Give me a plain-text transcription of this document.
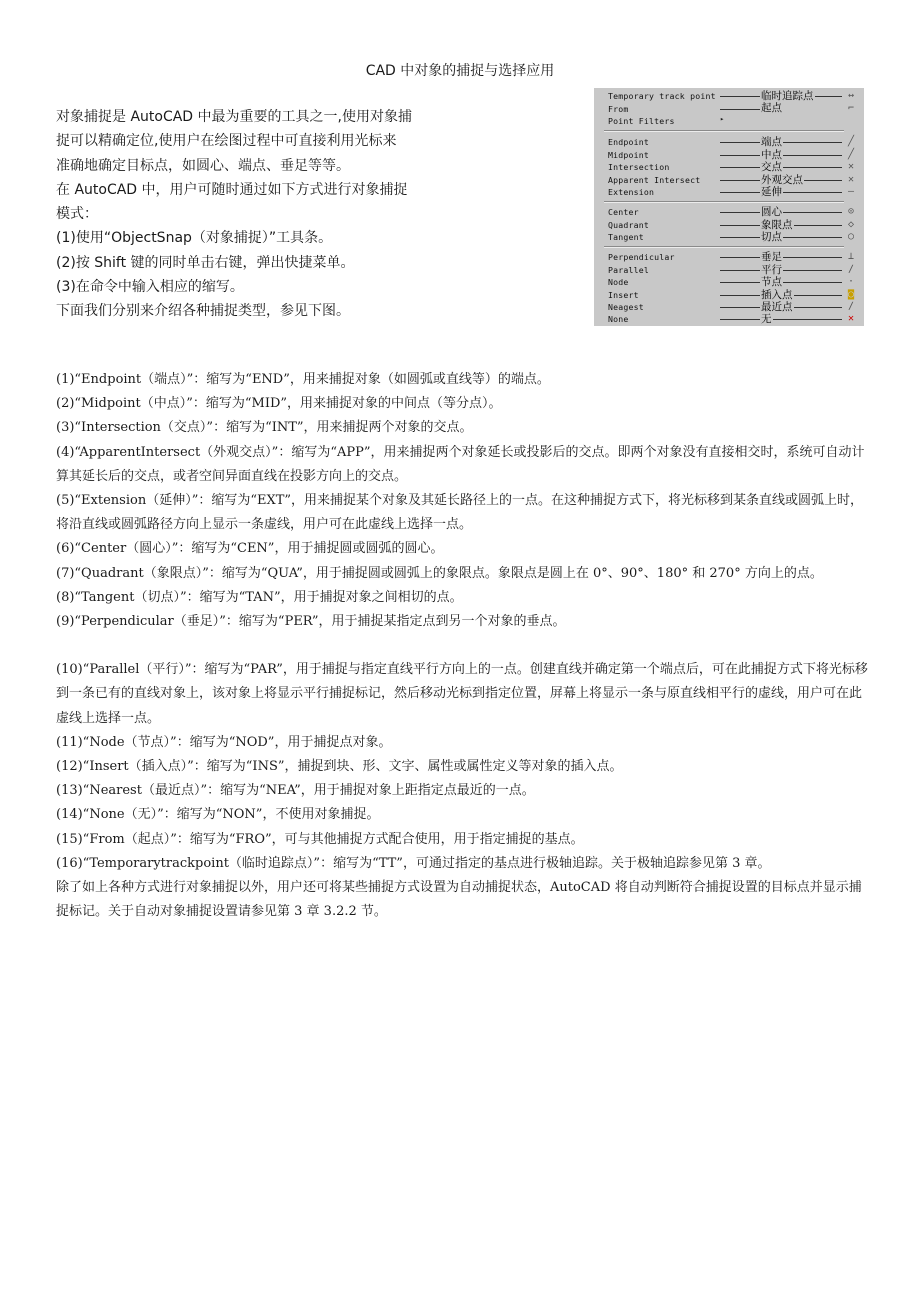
CAD 中对象的捕捉与选择应用

对象捕捉是 AutoCAD 中最为重要的工具之一,使用对象捕

捉可以精确定位,使用户在绘图过程中可直接利用光标来

准确地确定目标点，如圆心、端点、垂足等等。

在 AutoCAD 中，用户可随时通过如下方式进行对象捕捉

模式：

(1)使用“ObjectSnap（对象捕捉）”工具条。

(2)按 Shift 键的同时单击右键，弹出快捷菜单。

(3)在命令中输入相应的缩写。

下面我们分别来介绍各种捕捉类型，参见下图。

Temporary track point
From
Point Filters	▸
Endpoint
Midpoint
Intersection
Apparent Intersect
Extension
Center
Quadrant
Tangent
Perpendicular
Parallel
Node
Insert
Neagest
None
临时追踪点
起点
端点
中点
交点
外观交点
延伸
圆心
象限点
切点
垂足
平行
节点
插入点
最近点
无
↔
⌐
╱
╱
✕
✕
—
⊙
◇
○
⊥
∕
·
◙
∕
✕

(1)“Endpoint（端点）”：缩写为“END”，用来捕捉对象（如圆弧或直线等）的端点。

(2)“Midpoint（中点）”：缩写为“MID”，用来捕捉对象的中间点（等分点）。

(3)“Intersection（交点）”：缩写为“INT”，用来捕捉两个对象的交点。

(4)“ApparentIntersect（外观交点）”：缩写为“APP”，用来捕捉两个对象延长或投影后的交点。即两个对象没有直接相交时，系统可自动计算其延长后的交点，或者空间异面直线在投影方向上的交点。

(5)“Extension（延伸）”：缩写为“EXT”，用来捕捉某个对象及其延长路径上的一点。在这种捕捉方式下，将光标移到某条直线或圆弧上时，将沿直线或圆弧路径方向上显示一条虚线，用户可在此虚线上选择一点。

(6)“Center（圆心）”：缩写为“CEN”，用于捕捉圆或圆弧的圆心。

(7)“Quadrant（象限点）”：缩写为“QUA”，用于捕捉圆或圆弧上的象限点。象限点是圆上在 0°、90°、180° 和 270° 方向上的点。

(8)“Tangent（切点）”：缩写为“TAN”，用于捕捉对象之间相切的点。

(9)“Perpendicular（垂足）”：缩写为“PER”，用于捕捉某指定点到另一个对象的垂点。

(10)“Parallel（平行）”：缩写为“PAR”，用于捕捉与指定直线平行方向上的一点。创建直线并确定第一个端点后，可在此捕捉方式下将光标移到一条已有的直线对象上，该对象上将显示平行捕捉标记，然后移动光标到指定位置，屏幕上将显示一条与原直线相平行的虚线，用户可在此虚线上选择一点。

(11)“Node（节点）”：缩写为“NOD”，用于捕捉点对象。

(12)“Insert（插入点）”：缩写为“INS”，捕捉到块、形、文字、属性或属性定义等对象的插入点。

(13)“Nearest（最近点）”：缩写为“NEA”，用于捕捉对象上距指定点最近的一点。

(14)“None（无）”：缩写为“NON”，不使用对象捕捉。

(15)“From（起点）”：缩写为“FRO”，可与其他捕捉方式配合使用，用于指定捕捉的基点。

(16)“Temporarytrackpoint（临时追踪点）”：缩写为“TT”，可通过指定的基点进行极轴追踪。关于极轴追踪参见第 3 章。

除了如上各种方式进行对象捕捉以外，用户还可将某些捕捉方式设置为自动捕捉状态，AutoCAD 将自动判断符合捕捉设置的目标点并显示捕捉标记。关于自动对象捕捉设置请参见第 3 章 3.2.2 节。
